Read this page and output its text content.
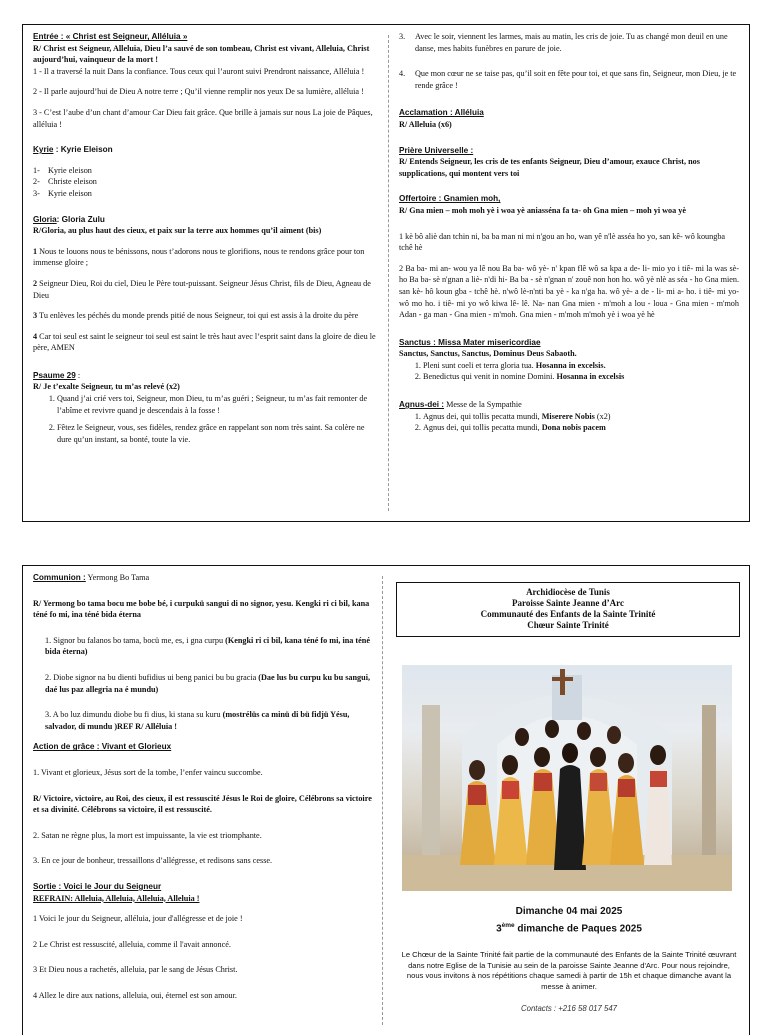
Entrée : « Christ est Seigneur, Alléluia »

R/ Christ est Seigneur, Alleluia, Dieu l’a sauvé de son tombeau, Christ est vivant, Alleluia, Christ aujourd’hui, vainqueur de la mort !

1 - Il a traversé la nuit Dans la confiance. Tous ceux qui l’auront suivi Prendront naissance, Alléluia !

2 - Il parle aujourd’hui de Dieu A notre terre ; Qu’il vienne remplir nos yeux De sa lumière, alléluia !

3 - C’est l’aube d’un chant d’amour Car Dieu fait grâce. Que brille à jamais sur nous La joie de Pâques, alléluia !

Kyrie : Kyrie Eleison
1-    Kyrie eleison
2-    Christe eleison
3-    Kyrie eleison
Gloria: Gloria Zulu

R/Gloria, au plus haut des cieux, et paix sur la terre aux hommes qu’il aiment (bis)

1 Nous te louons nous te bénissons, nous t’adorons nous te glorifions, nous te rendons grâce pour ton immense gloire ;

2 Seigneur Dieu, Roi du ciel, Dieu le Père tout-puissant. Seigneur Jésus Christ, fils de Dieu, Agneau de Dieu

3 Tu enlèves les péchés du monde prends pitié de nous Seigneur, toi qui est assis à la droite du père

4 Car toi seul est saint le seigneur toi seul est saint le très haut avec l’esprit saint dans la gloire de dieu le père, AMEN

Psaume 29 :

R/ Je t’exalte Seigneur, tu m’as relevé (x2)

1. Quand j’ai crié vers toi, Seigneur, mon Dieu, tu m’as guéri ; Seigneur, tu m’as fait remonter de l’abîme et revivre quand je descendais à la fosse !
2. Fêtez le Seigneur, vous, ses fidèles, rendez grâce en rappelant son nom très saint. Sa colère ne dure qu’un instant, sa bonté, toute la vie.
3.	Avec le soir, viennent les larmes, mais au matin, les cris de joie. Tu as changé mon deuil en une danse, mes habits funèbres en parure de joie.
4.	Que mon cœur ne se taise pas, qu’il soit en fête pour toi, et que sans fin, Seigneur, mon Dieu, je te rende grâce !
Acclamation : Alléluia

R/ Alleluia (x6)

Prière Universelle :

R/ Entends Seigneur, les cris de tes enfants Seigneur, Dieu d’amour, exauce Christ, nos supplications, qui montent vers toi

Offertoire : Gnamien moh,

R/ Gna mien – moh moh yè i woa yè aniasséna fa ta- oh Gna mien – moh yi woa yè

1 kè bô aliè dan tchin ni, ba ba man ni mi n'gou an ho, wan yê n'lè asséa ho yo, san kê- wô koungba tchê hè

2 Ba ba- mi an- wou ya lê nou Ba ba- wô yè- n' kpan flê wô sa kpa a de- li- mio yo i tiê- mi la was sè- ho Ba ba- sè n'gnan a liè- n'di hi- Ba ba - sè n'gnan n' zouê non hon ho. wô yè nlè as séa - ho Gna mien. san kè- hô koun gba - tchê hè. n'wô lè-n'nti ba yè - ka n'ga ha. wô yè- a de - li- mi a- ho. i tiê- mi yo- wô mo ho. i tiê- mi yo wô kiwa lê- lê. Na- nan Gna mien - m'moh a lou - loua - Gna mien - m'moh Adan - ga man - Gna mien - m'moh. Gna mien - m'moh m'moh yè i woa yè hè

Sanctus : Missa Mater misericordiae

Sanctus, Sanctus, Sanctus, Dominus Deus Sabaoth.

1. Pleni sunt coeli et terra gloria tua. Hosanna in excelsis.
2. Benedictus qui venit in nomine Domini. Hosanna in excelsis
Agnus-dei : Messe de la Sympathie
1. Agnus dei, qui tollis pecatta mundi, Miserere Nobis (x2)
2. Agnus dei, qui tollis pecatta mundi, Dona nobis pacem
Communion : Yermong Bo Tama

R/ Yermong bo tama bocu me bobe bé, i curpukü sangui di no signor, yesu. Kengki ri ci bil, kana téné fo mi, ina téné bida éterna

1. Signor bu falanos bo tama, bocü me, es, i gna curpu (Kengki ri ci bil, kana téné fo mi, ina téné bida éterna)

2. Diobe signor na bu dienti bufidius ui beng panici bu bu gracia (Dae lus bu curpu ku bu sangui, daé lus paz allegria na é mundu)

3. A bo luz dimundu diobe bu fi dius, ki stana su kuru (mostrélüs ca minü di bü fidjü Yésu, salvador, di mundu )REF R/ Alléluia !

Action de grâce : Vivant et Glorieux

1. Vivant et glorieux, Jésus sort de la tombe, l’enfer vaincu succombe.

R/ Victoire, victoire, au Roi, des cieux, il est ressuscité Jésus le Roi de gloire, Célébrons sa victoire et sa divinité. Célébrons sa victoire, il est ressuscité.

2. Satan ne règne plus, la mort est impuissante, la vie est triomphante.

3. En ce jour de bonheur, tressaillons d’allégresse, et redisons sans cesse.

Sortie : Voici le Jour du Seigneur

REFRAIN: Alleluia, Alleluia, Alleluia, Alleluia !

1 Voici le jour du Seigneur, alléluia, jour d'allégresse et de joie !

2 Le Christ est ressuscité, alleluia, comme il l'avait annoncé.

3 Et Dieu nous a rachetés, alleluia, par le sang de Jésus Christ.

4 Allez le dire aux nations, alleluia, oui, éternel est son amour.

Archidiocèse de Tunis
Paroisse Sainte Jeanne d’Arc
Communauté des Enfants de la Sainte Trinité
Chœur Sainte Trinité
Dimanche 04 mai 2025
3ème dimanche de Paques 2025

Le Chœur de la Sainte Trinité fait partie de la communauté des Enfants de la Sainte Trinité œuvrant dans notre Eglise de la Tunisie au sein de la paroisse Sainte Jeanne d'Arc. Pour nous rejoindre, nous vous invitons à nos répétitions chaque samedi à partir de 15h et chaque dimanche avant la messe à animer.

Contacts : +216 58 017 547
